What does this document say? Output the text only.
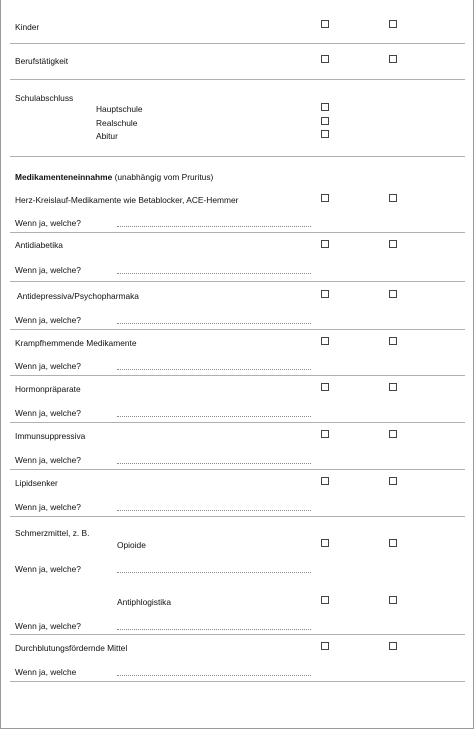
Kinder
Berufstätigkeit
Schulabschluss
Hauptschule
Realschule
Abitur
Medikamenteneinnahme (unabhängig vom Pruritus)
Herz-Kreislauf-Medikamente wie Betablocker, ACE-Hemmer
Wenn ja, welche?
Antidiabetika
Wenn ja, welche?
Antidepressiva/Psychopharmaka
Wenn ja, welche?
Krampfhemmende Medikamente
Wenn ja, welche?
Hormonpräparate
Wenn ja, welche?
Immunsuppressiva
Wenn ja, welche?
Lipidsenker
Wenn ja, welche?
Schmerzmittel, z. B.
Opioide
Wenn ja, welche?
Antiphlogistika
Wenn ja, welche?
Durchblutungsfördernde Mittel
Wenn ja, welche
